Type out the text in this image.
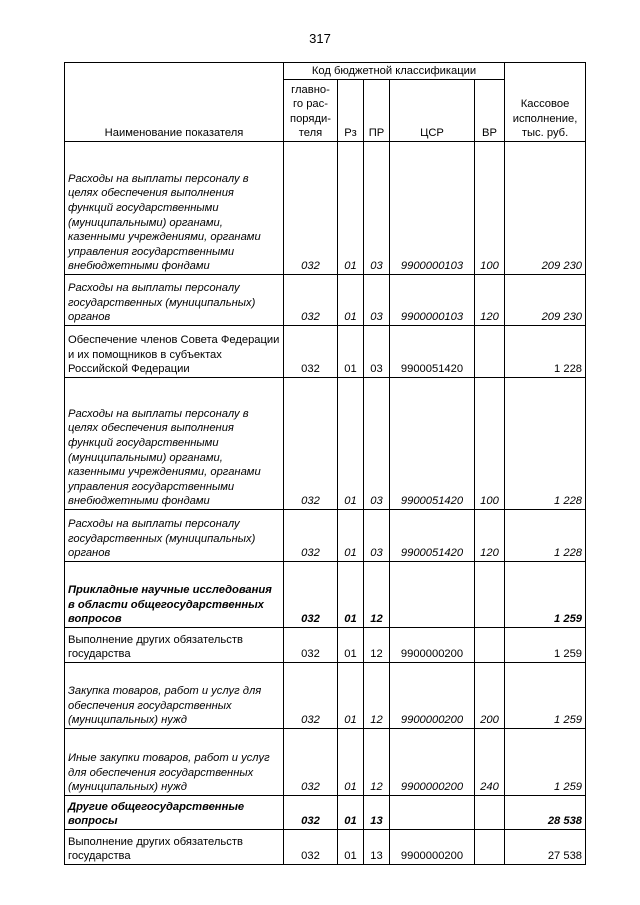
317
Наименование показателя	Код бюджетной классификации					Кассовое исполнение, тыс. руб.
	главно-го рас-поряди-теля	Рз	ПР	ЦСР	ВР	
Расходы на выплаты персоналу в целях обеспечения выполнения функций государственными (муниципальными) органами, казенными учреждениями, органами управления государственными внебюджетными фондами	032	01	03	9900000103	100	209 230
Расходы на выплаты персоналу государственных (муниципальных) органов	032	01	03	9900000103	120	209 230
Обеспечение членов Совета Федерации и их помощников в субъектах Российской Федерации	032	01	03	9900051420		1 228
Расходы на выплаты персоналу в целях обеспечения выполнения функций государственными (муниципальными) органами, казенными учреждениями, органами управления государственными внебюджетными фондами	032	01	03	9900051420	100	1 228
Расходы на выплаты персоналу государственных (муниципальных) органов	032	01	03	9900051420	120	1 228
Прикладные научные исследования в области общегосударственных вопросов	032	01	12			1 259
Выполнение других обязательств государства	032	01	12	9900000200		1 259
Закупка товаров, работ и услуг для обеспечения государственных (муниципальных) нужд	032	01	12	9900000200	200	1 259
Иные закупки товаров, работ и услуг для обеспечения государственных (муниципальных) нужд	032	01	12	9900000200	240	1 259
Другие общегосударственные вопросы	032	01	13			28 538
Выполнение других обязательств государства	032	01	13	9900000200		27 538
